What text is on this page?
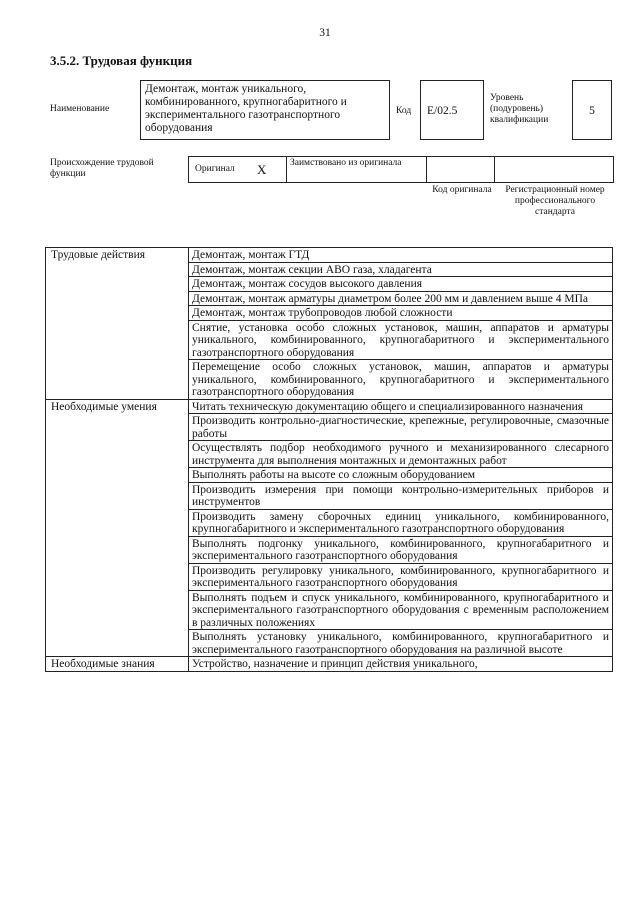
31
3.5.2. Трудовая функция
Наименование
Демонтаж, монтаж уникального, комбинированного, крупногабаритного и экспериментального газотранспортного оборудования
Код	E/02.5
Уровень (подуровень) квалификации
5
Происхождение трудовой функции	Оригинал X Заимствовано из оригинала
Код оригинала	Регистрационный номер профессионального стандарта
Трудовые действия	Демонтаж, монтаж ГТД
	Демонтаж, монтаж секции АВО газа, хладагента
	Демонтаж, монтаж сосудов высокого давления
	Демонтаж, монтаж арматуры диаметром более 200 мм и давлением выше 4 МПа
	Демонтаж, монтаж трубопроводов любой сложности
	Снятие, установка особо сложных установок, машин, аппаратов и арматуры уникального, комбинированного, крупногабаритного и экспериментального газотранспортного оборудования
	Перемещение особо сложных установок, машин, аппаратов и арматуры уникального, комбинированного, крупногабаритного и экспериментального газотранспортного оборудования
Необходимые умения	Читать техническую документацию общего и специализированного назначения
	Производить контрольно-диагностические, крепежные, регулировочные, смазочные работы
	Осуществлять подбор необходимого ручного и механизированного слесарного инструмента для выполнения монтажных и демонтажных работ
	Выполнять работы на высоте со сложным оборудованием
	Производить измерения при помощи контрольно-измерительных приборов и инструментов
	Производить замену сборочных единиц уникального, комбинированного, крупногабаритного и экспериментального газотранспортного оборудования
	Выполнять подгонку уникального, комбинированного, крупногабаритного и экспериментального газотранспортного оборудования
	Производить регулировку уникального, комбинированного, крупногабаритного и экспериментального газотранспортного оборудования
	Выполнять подъем и спуск уникального, комбинированного, крупногабаритного и экспериментального газотранспортного оборудования с временным расположением в различных положениях
	Выполнять установку уникального, комбинированного, крупногабаритного и экспериментального газотранспортного оборудования на различной высоте
Необходимые знания	Устройство, назначение и принцип действия уникального,
